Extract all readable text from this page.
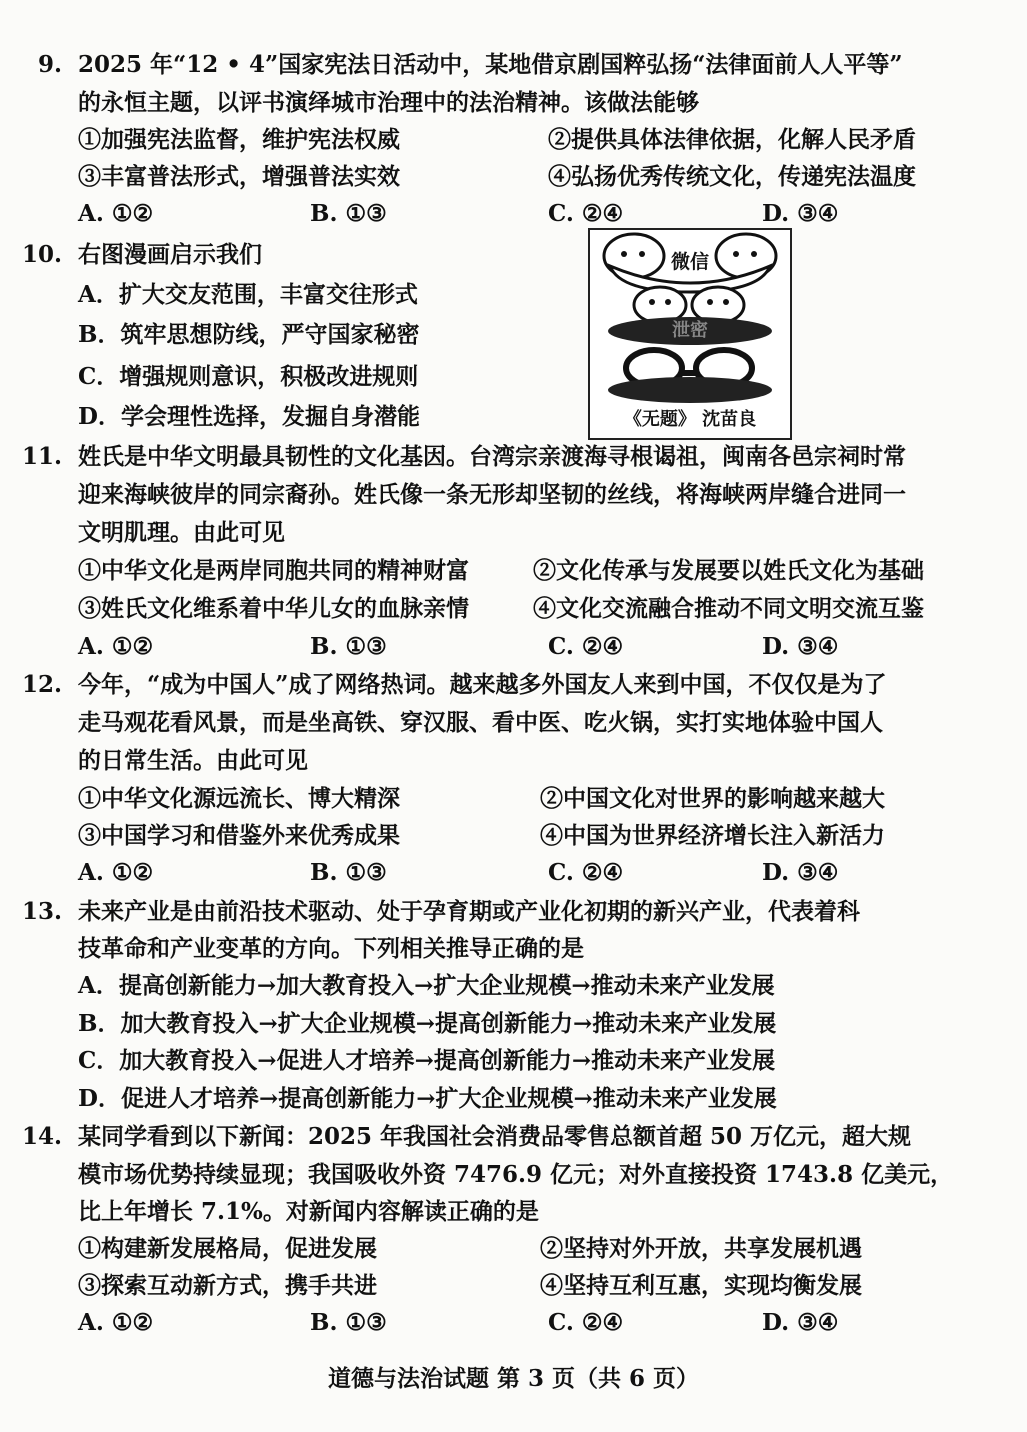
9. 2025 年“12 • 4”国家宪法日活动中，某地借京剧国粹弘扬“法律面前人人平等”
的永恒主题，以评书演绎城市治理中的法治精神。该做法能够
①加强宪法监督，维护宪法权威	②提供具体法律依据，化解人民矛盾
③丰富普法形式，增强普法实效	④弘扬优秀传统文化，传递宪法温度
A. ①②	B. ①③	C. ②④	D. ③④
10. 右图漫画启示我们
A．扩大交友范围，丰富交往形式
B．筑牢思想防线，严守国家秘密
C．增强规则意识，积极改进规则
D．学会理性选择，发掘自身潜能
微信
泄密
《无题》 沈苗良
11. 姓氏是中华文明最具韧性的文化基因。台湾宗亲渡海寻根谒祖，闽南各邑宗祠时常
迎来海峡彼岸的同宗裔孙。姓氏像一条无形却坚韧的丝线，将海峡两岸缝合进同一
文明肌理。由此可见
①中华文化是两岸同胞共同的精神财富	②文化传承与发展要以姓氏文化为基础
③姓氏文化维系着中华儿女的血脉亲情	④文化交流融合推动不同文明交流互鉴
A. ①②	B. ①③	C. ②④	D. ③④
12. 今年，“成为中国人”成了网络热词。越来越多外国友人来到中国，不仅仅是为了
走马观花看风景，而是坐高铁、穿汉服、看中医、吃火锅，实打实地体验中国人
的日常生活。由此可见
①中华文化源远流长、博大精深	②中国文化对世界的影响越来越大
③中国学习和借鉴外来优秀成果	④中国为世界经济增长注入新活力
A. ①②	B. ①③	C. ②④	D. ③④
13. 未来产业是由前沿技术驱动、处于孕育期或产业化初期的新兴产业，代表着科
技革命和产业变革的方向。下列相关推导正确的是
A．提高创新能力→加大教育投入→扩大企业规模→推动未来产业发展
B．加大教育投入→扩大企业规模→提高创新能力→推动未来产业发展
C．加大教育投入→促进人才培养→提高创新能力→推动未来产业发展
D．促进人才培养→提高创新能力→扩大企业规模→推动未来产业发展
14. 某同学看到以下新闻：2025 年我国社会消费品零售总额首超 50 万亿元，超大规
模市场优势持续显现；我国吸收外资 7476.9 亿元；对外直接投资 1743.8 亿美元，
比上年增长 7.1%。对新闻内容解读正确的是
①构建新发展格局，促进发展	②坚持对外开放，共享发展机遇
③探索互动新方式，携手共进	④坚持互利互惠，实现均衡发展
A. ①②	B. ①③	C. ②④	D. ③④
道德与法治试题 第 3 页（共 6 页）
